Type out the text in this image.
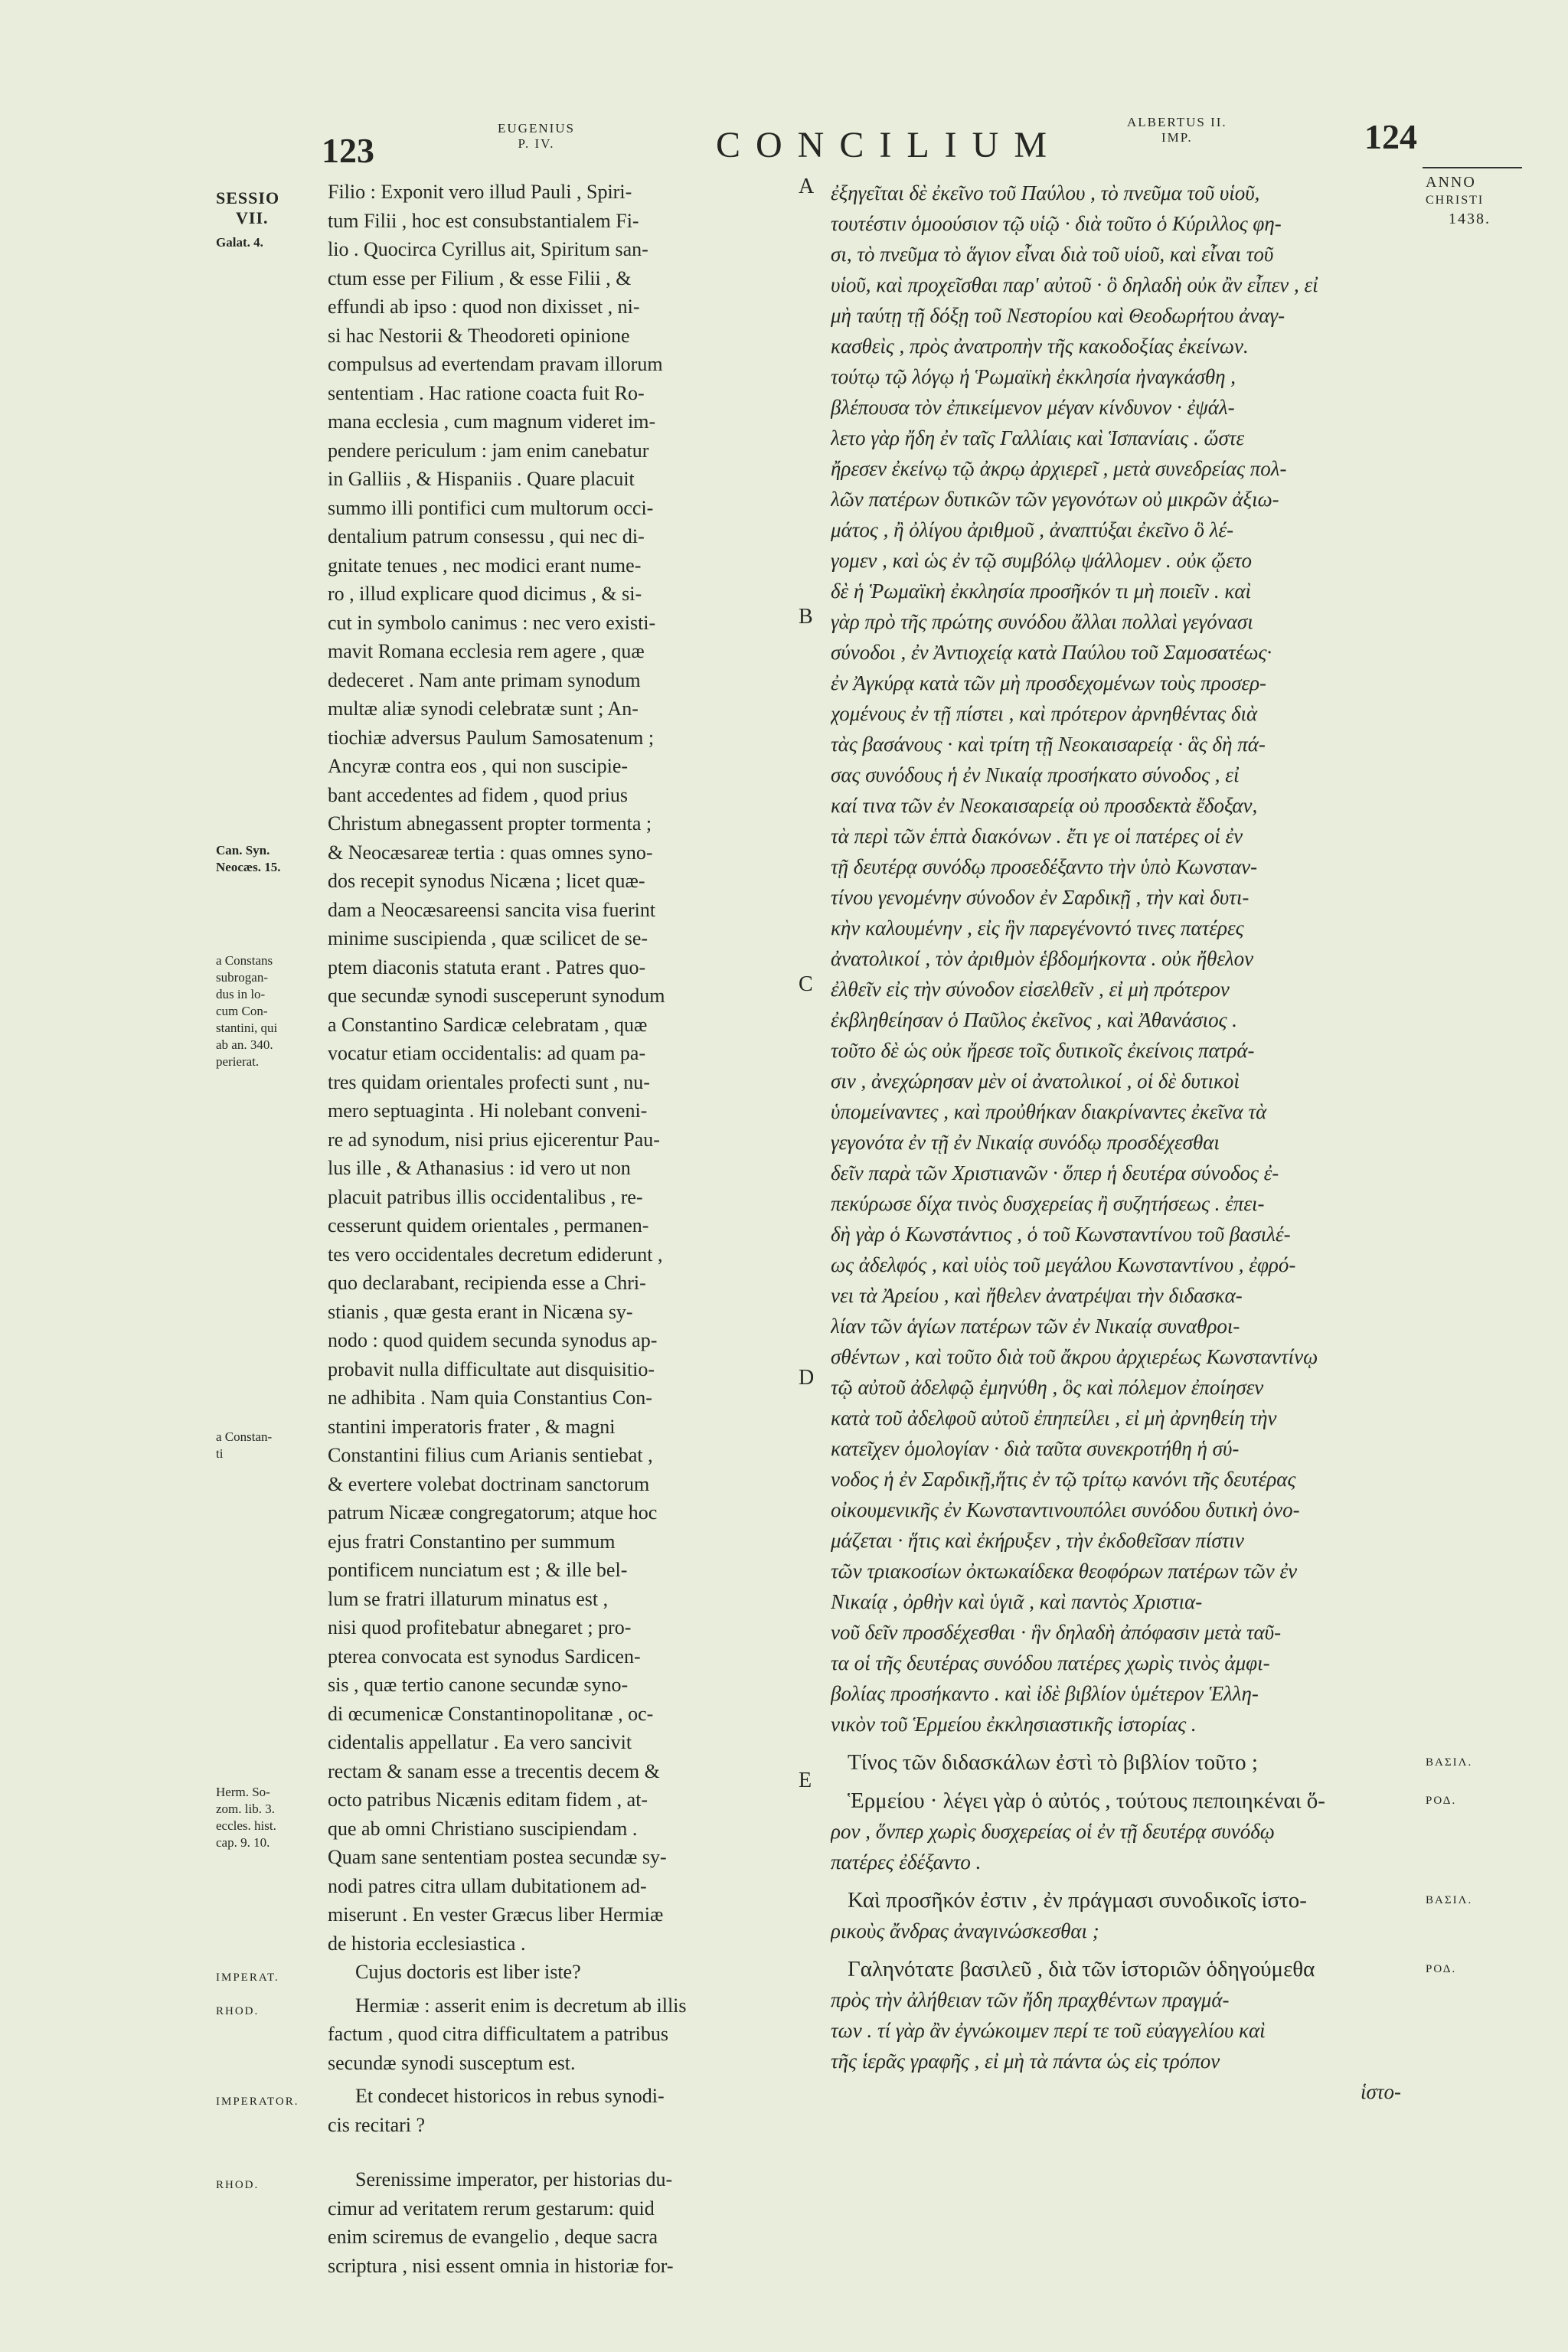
123
EUGENIUS
P. IV.	CONCILIUM
ALBERTUS II.
IMP.	124
SESSIO
VII.
Galat. 4.
Can. Syn.
Neocæs. 15.
a Constans
subrogan-
dus in lo-
cum Con-
stantini, qui
ab an. 340.
perierat.
a Constan-
ti
Herm. So-
zom. lib. 3.
eccles. hist.
cap. 9. 10.
Filio : Exponit vero illud Pauli , Spiri-
tum Filii , hoc est consubstantialem Fi-
lio . Quocirca Cyrillus ait, Spiritum san-
ctum esse per Filium , & esse Filii , &
effundi ab ipso : quod non dixisset , ni-
si hac Nestorii & Theodoreti opinione
compulsus ad evertendam pravam illorum
sententiam . Hac ratione coacta fuit Ro-
mana ecclesia , cum magnum videret im-
pendere periculum : jam enim canebatur
in Galliis , & Hispaniis . Quare placuit
summo illi pontifici cum multorum occi-
dentalium patrum consessu , qui nec di-
gnitate tenues , nec modici erant nume-
ro , illud explicare quod dicimus , & si-
cut in symbolo canimus : nec vero existi-
mavit Romana ecclesia rem agere , quæ
dedeceret . Nam ante primam synodum
multæ aliæ synodi celebratæ sunt ; An-
tiochiæ adversus Paulum Samosatenum ;
Ancyræ contra eos , qui non suscipie-
bant accedentes ad fidem , quod prius
Christum abnegassent propter tormenta ;
& Neocæsareæ tertia : quas omnes syno-
dos recepit synodus Nicæna ; licet quæ-
dam a Neocæsareensi sancita visa fuerint
minime suscipienda , quæ scilicet de se-
ptem diaconis statuta erant . Patres quo-
que secundæ synodi susceperunt synodum
a Constantino Sardicæ celebratam , quæ
vocatur etiam occidentalis: ad quam pa-
tres quidam orientales profecti sunt , nu-
mero septuaginta . Hi nolebant conveni-
re ad synodum, nisi prius ejicerentur Pau-
lus ille , & Athanasius : id vero ut non
placuit patribus illis occidentalibus , re-
cesserunt quidem orientales , permanen-
tes vero occidentales decretum ediderunt ,
quo declarabant, recipienda esse a Chri-
stianis , quæ gesta erant in Nicæna sy-
nodo : quod quidem secunda synodus ap-
probavit nulla difficultate aut disquisitio-
ne adhibita . Nam quia Constantius Con-
stantini imperatoris frater , & magni
Constantini filius cum Arianis sentiebat ,
& evertere volebat doctrinam sanctorum
patrum Nicææ congregatorum; atque hoc
ejus fratri Constantino per summum
pontificem nunciatum est ; & ille bel-
lum se fratri illaturum minatus est ,
nisi quod profitebatur abnegaret ; pro-
pterea convocata est synodus Sardicen-
sis , quæ tertio canone secundæ syno-
di œcumenicæ Constantinopolitanæ , oc-
cidentalis appellatur . Ea vero sancivit
rectam & sanam esse a trecentis decem &
octo patribus Nicænis editam fidem , at-
que ab omni Christiano suscipiendam .
Quam sane sententiam postea secundæ sy-
nodi patres citra ullam dubitationem ad-
miserunt . En vester Græcus liber Hermiæ
de historia ecclesiastica .
IMPERAT.	Cujus doctoris est liber iste?
RHOD.	Hermiæ : asserit enim is decretum ab illis
factum , quod citra difficultatem a patribus
secundæ synodi susceptum est.
IMPERATOR.	Et condecet historicos in rebus synodi-
cis recitari ?
RHOD.	Serenissime imperator, per historias du-
cimur ad veritatem rerum gestarum: quid
enim sciremus de evangelio , deque sacra
scriptura , nisi essent omnia in historiæ for-
A
B
C
D
E
ἐξηγεῖται δὲ ἐκεῖνο τοῦ Παύλου , τὸ πνεῦμα τοῦ υἱοῦ,
τουτέστιν ὁμοούσιον τῷ υἱῷ · διὰ τοῦτο ὁ Κύριλλος φη-
σι, τὸ πνεῦμα τὸ ἅγιον εἶναι διὰ τοῦ υἱοῦ, καὶ εἶναι τοῦ
υἱοῦ, καὶ προχεῖσθαι παρ' αὐτοῦ · ὃ δηλαδὴ οὐκ ἂν εἶπεν , εἰ
μὴ ταύτῃ τῇ δόξῃ τοῦ Νεστορίου καὶ Θεοδωρήτου ἀναγ-
κασθεὶς , πρὸς ἀνατροπὴν τῆς κακοδοξίας ἐκείνων.
τούτῳ τῷ λόγῳ ἡ Ῥωμαϊκὴ ἐκκλησία ἠναγκάσθη ,
βλέπουσα τὸν ἐπικείμενον μέγαν κίνδυνον · ἐψάλ-
λετο γὰρ ἤδη ἐν ταῖς Γαλλίαις καὶ Ἱσπανίαις . ὥστε
ἤρεσεν ἐκείνῳ τῷ ἀκρῳ ἀρχιερεῖ , μετὰ συνεδρείας πολ-
λῶν πατέρων δυτικῶν τῶν γεγονότων οὐ μικρῶν ἀξιω-
μάτος , ἢ ὀλίγου ἀριθμοῦ , ἀναπτύξαι ἐκεῖνο ὃ λέ-
γομεν , καὶ ὡς ἐν τῷ συμβόλῳ ψάλλομεν . οὐκ ᾤετο
δὲ ἡ Ῥωμαϊκὴ ἐκκλησία προσῆκόν τι μὴ ποιεῖν . καὶ
γὰρ πρὸ τῆς πρώτης συνόδου ἄλλαι πολλαὶ γεγόνασι
σύνοδοι , ἐν Ἀντιοχείᾳ κατὰ Παύλου τοῦ Σαμοσατέως·
ἐν Ἀγκύρᾳ κατὰ τῶν μὴ προσδεχομένων τοὺς προσερ-
χομένους ἐν τῇ πίστει , καὶ πρότερον ἀρνηθέντας διὰ
τὰς βασάνους · καὶ τρίτη τῇ Νεοκαισαρείᾳ · ἃς δὴ πά-
σας συνόδους ἡ ἐν Νικαίᾳ προσήκατο σύνοδος , εἰ
καί τινα τῶν ἐν Νεοκαισαρείᾳ οὐ προσδεκτὰ ἔδοξαν,
τὰ περὶ τῶν ἑπτὰ διακόνων . ἔτι γε οἱ πατέρες οἱ ἐν
τῇ δευτέρᾳ συνόδῳ προσεδέξαντο τὴν ὑπὸ Κωνσταν-
τίνου γενομένην σύνοδον ἐν Σαρδικῇ , τὴν καὶ δυτι-
κὴν καλουμένην , εἰς ἣν παρεγένοντό τινες πατέρες
ἀνατολικοί , τὸν ἀριθμὸν ἑβδομήκοντα . οὐκ ἤθελον
ἐλθεῖν εἰς τὴν σύνοδον εἰσελθεῖν , εἰ μὴ πρότερον
ἐκβληθείησαν ὁ Παῦλος ἐκεῖνος , καὶ Ἀθανάσιος .
τοῦτο δὲ ὡς οὐκ ἤρεσε τοῖς δυτικοῖς ἐκείνοις πατρά-
σιν , ἀνεχώρησαν μὲν οἱ ἀνατολικοί , οἱ δὲ δυτικοὶ
ὑπομείναντες , καὶ προὐθήκαν διακρίναντες ἐκεῖνα τὰ
γεγονότα ἐν τῇ ἐν Νικαίᾳ συνόδῳ προσδέχεσθαι
δεῖν παρὰ τῶν Χριστιανῶν · ὅπερ ἡ δευτέρα σύνοδος ἐ-
πεκύρωσε δίχα τινὸς δυσχερείας ἢ συζητήσεως . ἐπει-
δὴ γὰρ ὁ Κωνστάντιος , ὁ τοῦ Κωνσταντίνου τοῦ βασιλέ-
ως ἀδελφός , καὶ υἱὸς τοῦ μεγάλου Κωνσταντίνου , ἐφρό-
νει τὰ Ἀρείου , καὶ ἤθελεν ἀνατρέψαι τὴν διδασκα-
λίαν τῶν ἁγίων πατέρων τῶν ἐν Νικαίᾳ συναθροι-
σθέντων , καὶ τοῦτο διὰ τοῦ ἄκρου ἀρχιερέως Κωνσταντίνῳ
τῷ αὐτοῦ ἀδελφῷ ἐμηνύθη , ὃς καὶ πόλεμον ἐποίησεν
κατὰ τοῦ ἀδελφοῦ αὐτοῦ ἐπηπείλει , εἰ μὴ ἀρνηθείη τὴν
κατεῖχεν ὁμολογίαν · διὰ ταῦτα συνεκροτήθη ἡ σύ-
νοδος ἡ ἐν Σαρδικῇ,ἥτις ἐν τῷ τρίτῳ κανόνι τῆς δευτέρας
οἰκουμενικῆς ἐν Κωνσταντινουπόλει συνόδου δυτικὴ ὀνο-
μάζεται · ἥτις καὶ ἐκήρυξεν , τὴν ἐκδοθεῖσαν πίστιν
τῶν τριακοσίων ὀκτωκαίδεκα θεοφόρων πατέρων τῶν ἐν
Νικαίᾳ , ὀρθὴν καὶ ὑγιᾶ , καὶ παντὸς Χριστια-
νοῦ δεῖν προσδέχεσθαι · ἣν δηλαδὴ ἀπόφασιν μετὰ ταῦ-
τα οἱ τῆς δευτέρας συνόδου πατέρες χωρὶς τινὸς ἀμφι-
βολίας προσήκαντο . καὶ ἰδὲ βιβλίον ὑμέτερον Ἑλλη-
νικὸν τοῦ Ἑρμείου ἐκκλησιαστικῆς ἱστορίας .
Τίνος τῶν διδασκάλων ἐστὶ τὸ βιβλίον τοῦτο ;
Ἑρμείου · λέγει γὰρ ὁ αὐτός , τούτους πεποιηκέναι ὅ-
ρον , ὅνπερ χωρὶς δυσχερείας οἱ ἐν τῇ δευτέρᾳ συνόδῳ
πατέρες ἐδέξαντο .
Καὶ προσῆκόν ἐστιν , ἐν πράγμασι συνοδικοῖς ἱστο-
ρικοὺς ἄνδρας ἀναγινώσκεσθαι ;
Γαληνότατε βασιλεῦ , διὰ τῶν ἱστοριῶν ὁδηγούμεθα
πρὸς τὴν ἀλήθειαν τῶν ἤδη πραχθέντων πραγμά-
των . τί γὰρ ἂν ἐγνώκοιμεν περί τε τοῦ εὐαγγελίου καὶ
τῆς ἱερᾶς γραφῆς , εἰ μὴ τὰ πάντα ὡς εἰς τρόπον
ἱστο-
ANNO
CHRISTI
1438.
ΒΑΣΙΛ.
ΡΟΔ.
ΒΑΣΙΛ.
ΡΟΔ.
